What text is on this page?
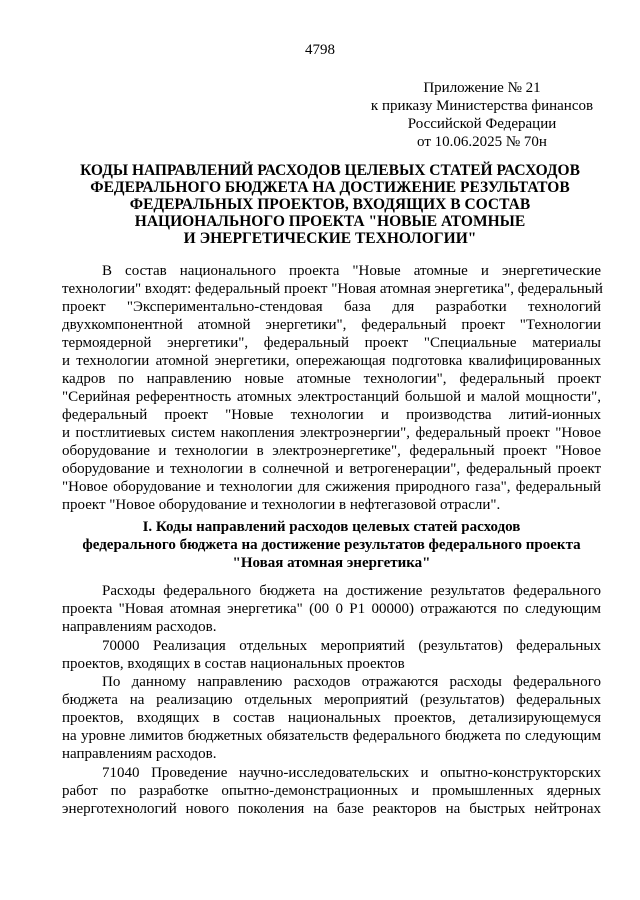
4798
Приложение № 21
к приказу Министерства финансов
Российской Федерации
от 10.06.2025 № 70н
КОДЫ НАПРАВЛЕНИЙ РАСХОДОВ ЦЕЛЕВЫХ СТАТЕЙ РАСХОДОВ
ФЕДЕРАЛЬНОГО БЮДЖЕТА НА ДОСТИЖЕНИЕ РЕЗУЛЬТАТОВ
ФЕДЕРАЛЬНЫХ ПРОЕКТОВ, ВХОДЯЩИХ В СОСТАВ
НАЦИОНАЛЬНОГО ПРОЕКТА "НОВЫЕ АТОМНЫЕ
И ЭНЕРГЕТИЧЕСКИЕ ТЕХНОЛОГИИ"
В состав национального проекта "Новые атомные и энергетические
технологии" входят: федеральный проект "Новая атомная энергетика", федеральный
проект "Экспериментально-стендовая база для разработки технологий
двухкомпонентной атомной энергетики", федеральный проект "Технологии
термоядерной энергетики", федеральный проект "Специальные материалы
и технологии атомной энергетики, опережающая подготовка квалифицированных
кадров по направлению новые атомные технологии", федеральный проект
"Серийная референтность атомных электростанций большой и малой мощности",
федеральный проект "Новые технологии и производства литий-ионных
и постлитиевых систем накопления электроэнергии", федеральный проект "Новое
оборудование и технологии в электроэнергетике", федеральный проект "Новое
оборудование и технологии в солнечной и ветрогенерации", федеральный проект
"Новое оборудование и технологии для сжижения природного газа", федеральный
проект "Новое оборудование и технологии в нефтегазовой отрасли".
I. Коды направлений расходов целевых статей расходов
федерального бюджета на достижение результатов федерального проекта
"Новая атомная энергетика"
Расходы федерального бюджета на достижение результатов федерального
проекта "Новая атомная энергетика" (00 0 Р1 00000) отражаются по следующим
направлениям расходов.
70000 Реализация отдельных мероприятий (результатов) федеральных
проектов, входящих в состав национальных проектов
По данному направлению расходов отражаются расходы федерального
бюджета на реализацию отдельных мероприятий (результатов) федеральных
проектов, входящих в состав национальных проектов, детализирующемуся
на уровне лимитов бюджетных обязательств федерального бюджета по следующим
направлениям расходов.
71040 Проведение научно-исследовательских и опытно-конструкторских
работ по разработке опытно-демонстрационных и промышленных ядерных
энерготехнологий нового поколения на базе реакторов на быстрых нейтронах
